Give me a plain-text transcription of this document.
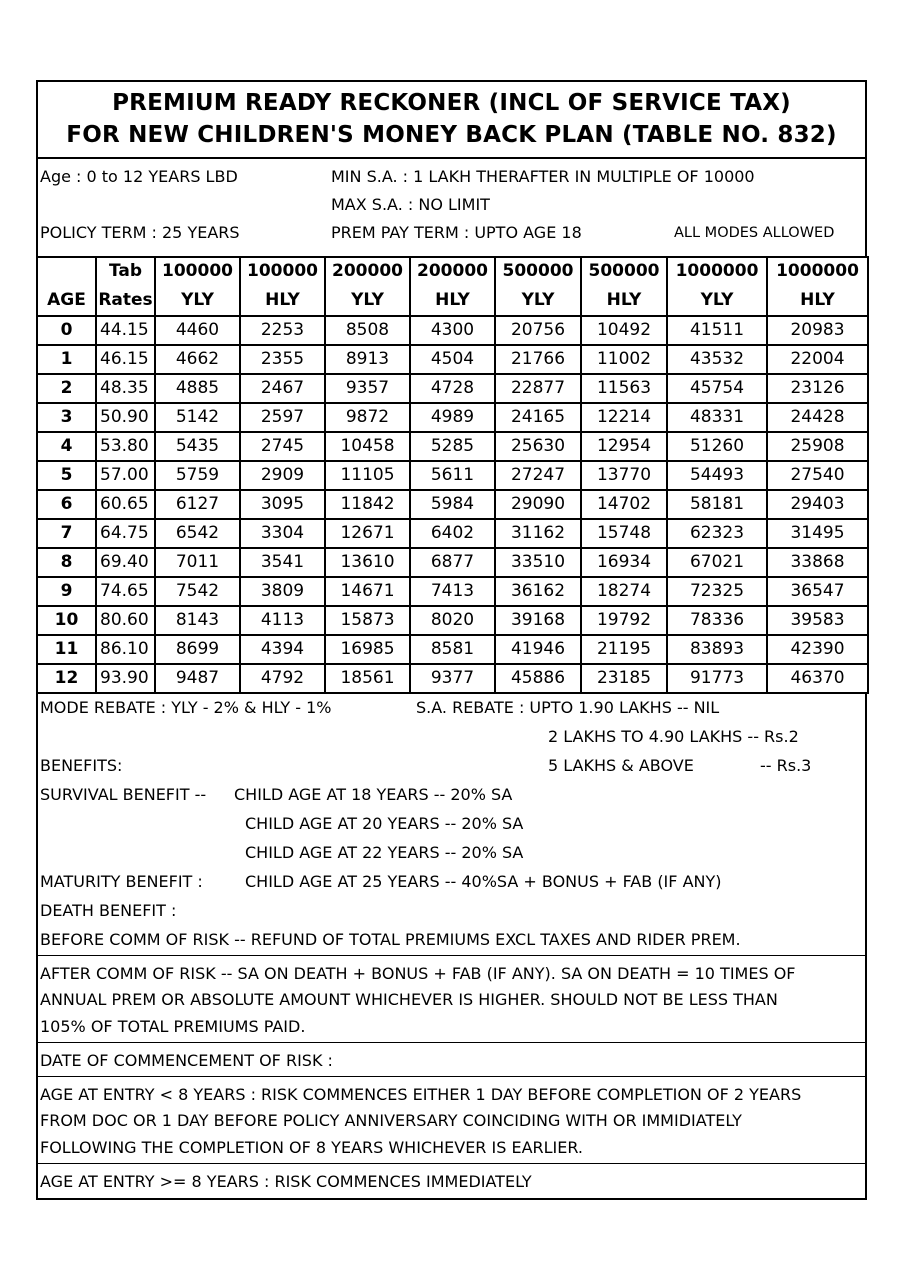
PREMIUM READY RECKONER (INCL OF SERVICE TAX)
FOR NEW CHILDREN'S MONEY BACK PLAN (TABLE NO. 832)
Age : 0 to 12 YEARS LBD	MIN S.A. : 1 LAKH THERAFTER IN MULTIPLE OF 10000
MAX S.A. : NO LIMIT
POLICY TERM : 25 YEARS	PREM PAY TERM : UPTO AGE 18	ALL MODES ALLOWED
	Tab	100000	100000	200000	200000	500000	500000	1000000	1000000
AGE	Rates	YLY	HLY	YLY	HLY	YLY	HLY	YLY	HLY
0	44.15	4460	2253	8508	4300	20756	10492	41511	20983
1	46.15	4662	2355	8913	4504	21766	11002	43532	22004
2	48.35	4885	2467	9357	4728	22877	11563	45754	23126
3	50.90	5142	2597	9872	4989	24165	12214	48331	24428
4	53.80	5435	2745	10458	5285	25630	12954	51260	25908
5	57.00	5759	2909	11105	5611	27247	13770	54493	27540
6	60.65	6127	3095	11842	5984	29090	14702	58181	29403
7	64.75	6542	3304	12671	6402	31162	15748	62323	31495
8	69.40	7011	3541	13610	6877	33510	16934	67021	33868
9	74.65	7542	3809	14671	7413	36162	18274	72325	36547
10	80.60	8143	4113	15873	8020	39168	19792	78336	39583
11	86.10	8699	4394	16985	8581	41946	21195	83893	42390
12	93.90	9487	4792	18561	9377	45886	23185	91773	46370
MODE REBATE : YLY - 2% & HLY - 1%	S.A. REBATE : UPTO 1.90 LAKHS -- NIL
2 LAKHS TO 4.90 LAKHS -- Rs.2
BENEFITS:	5 LAKHS & ABOVE	-- Rs.3
SURVIVAL BENEFIT -- CHILD AGE AT 18 YEARS -- 20% SA
CHILD AGE AT 20 YEARS -- 20% SA
CHILD AGE AT 22 YEARS -- 20% SA
MATURITY BENEFIT :	CHILD AGE AT 25 YEARS -- 40%SA + BONUS + FAB (IF ANY)
DEATH BENEFIT :
BEFORE COMM OF RISK -- REFUND OF TOTAL PREMIUMS EXCL TAXES AND RIDER PREM.
AFTER COMM OF RISK -- SA ON DEATH + BONUS + FAB (IF ANY). SA ON DEATH = 10 TIMES OF
ANNUAL PREM OR ABSOLUTE AMOUNT WHICHEVER IS HIGHER. SHOULD NOT BE LESS THAN
105% OF TOTAL PREMIUMS PAID.
DATE OF COMMENCEMENT OF RISK :
AGE AT ENTRY < 8 YEARS : RISK COMMENCES EITHER 1 DAY BEFORE COMPLETION OF 2 YEARS
FROM DOC OR 1 DAY BEFORE POLICY ANNIVERSARY COINCIDING WITH OR IMMIDIATELY
FOLLOWING THE COMPLETION OF 8 YEARS WHICHEVER IS EARLIER.
AGE AT ENTRY >= 8 YEARS : RISK COMMENCES IMMEDIATELY
